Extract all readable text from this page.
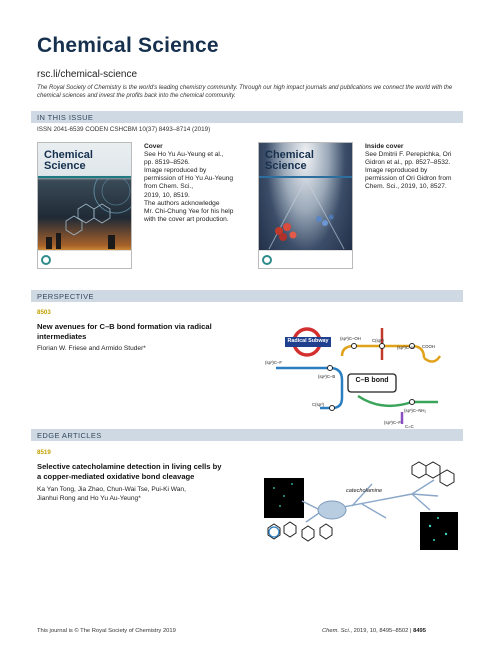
Chemical Science
rsc.li/chemical-science
The Royal Society of Chemistry is the world's leading chemistry community. Through our high impact journals and publications we connect the world with the chemical sciences and invest the profits back into the chemical community.
IN THIS ISSUE
ISSN 2041-6539 CODEN CSHCBM 10(37) 8493–8714 (2019)
Chemical Science
Cover
See Ho Yu Au-Yeung et al.,
pp. 8519–8526.
Image reproduced by
permission of Ho Yu Au-Yeung
from Chem. Sci.,
2019, 10, 8519.
The authors acknowledge
Mr. Chi-Chung Yee for his help
with the cover art production.
Chemical Science
Inside cover
See Dmitrii F. Perepichka, Ori
Gidron et al., pp. 8527–8532.
Image reproduced by
permission of Ori Gidron from
Chem. Sci., 2019, 10, 8527.
PERSPECTIVE
8503
New avenues for C–B bond formation via radical
intermediates
Florian W. Friese and Armido Studer*
Radical Subway
C–B bond
(sp³)C–F
(sp³)C–OH
(sp³)C–NH₂
(sp³)C–H
(sp²)C–B
(sp³)C–F
C(sp³)
COOH
C=C
C(sp²)
EDGE ARTICLES
8519
Selective catecholamine detection in living cells by
a copper-mediated oxidative bond cleavage
Ka Yan Tong, Jia Zhao, Chun-Wai Tse, Pui-Ki Wan,
Jianhui Rong and Ho Yu Au-Yeung*
catecholamine
This journal is © The Royal Society of Chemistry 2019	Chem. Sci., 2019, 10, 8495–8502 | 8495
